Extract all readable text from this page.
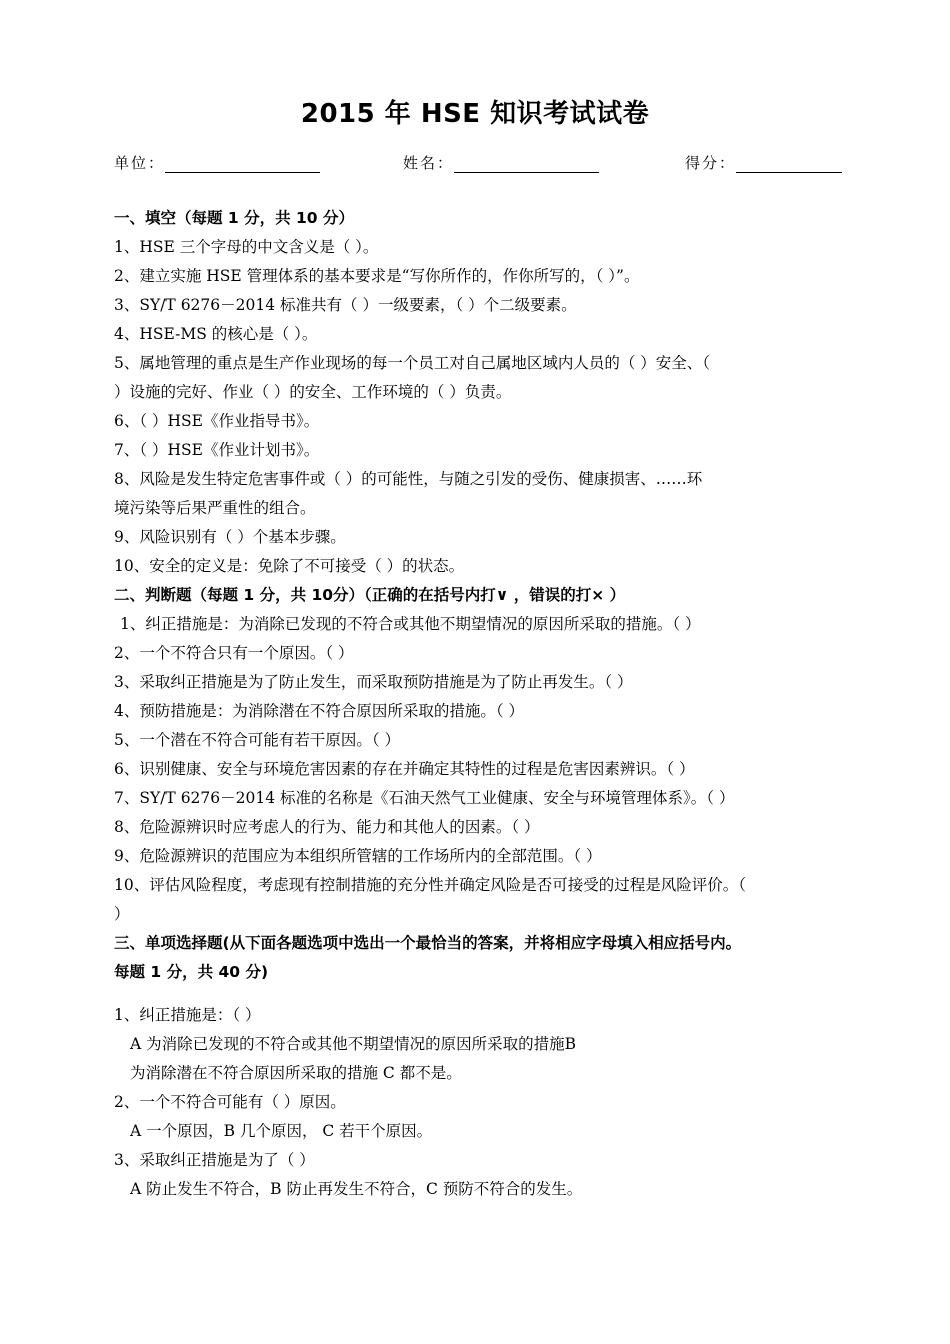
2015 年 HSE 知识考试试卷
单位：	姓名：	得分：
一、填空（每题 1 分，共 10 分）
1、HSE 三个字母的中文含义是（ ）。
2、建立实施 HSE 管理体系的基本要求是“写你所作的，作你所写的，（ ）”。
3、SY/T 6276－2014 标准共有（ ）一级要素，（ ）个二级要素。
4、HSE-MS 的核心是（ ）。
5、属地管理的重点是生产作业现场的每一个员工对自己属地区域内人员的（ ）安全、（
）设施的完好、作业（ ）的安全、工作环境的（ ）负责。
6、（ ）HSE《作业指导书》。
7、（ ）HSE《作业计划书》。
8、风险是发生特定危害事件或（ ）的可能性，与随之引发的受伤、健康损害、……环
境污染等后果严重性的组合。
9、风险识别有（ ）个基本步骤。
10、安全的定义是：免除了不可接受（ ）的状态。
二、判断题（每题 1 分，共 10分）（正确的在括号内打∨ ，错误的打× ）
1、纠正措施是：为消除已发现的不符合或其他不期望情况的原因所采取的措施。（ ）
2、一个不符合只有一个原因。（ ）
3、采取纠正措施是为了防止发生，而采取预防措施是为了防止再发生。（ ）
4、预防措施是：为消除潜在不符合原因所采取的措施。（ ）
5、一个潜在不符合可能有若干原因。（ ）
6、识别健康、安全与环境危害因素的存在并确定其特性的过程是危害因素辨识。（ ）
7、SY/T 6276－2014 标准的名称是《石油天然气工业健康、安全与环境管理体系》。（ ）
8、危险源辨识时应考虑人的行为、能力和其他人的因素。（ ）
9、危险源辨识的范围应为本组织所管辖的工作场所内的全部范围。（ ）
10、评估风险程度，考虑现有控制措施的充分性并确定风险是否可接受的过程是风险评价。（
）
三、单项选择题(从下面各题选项中选出一个最恰当的答案，并将相应字母填入相应括号内。
每题 1 分，共 40 分)
1、纠正措施是：（ ）
A 为消除已发现的不符合或其他不期望情况的原因所采取的措施B
为消除潜在不符合原因所采取的措施 C 都不是。
2、一个不符合可能有（ ）原因。
A 一个原因，B 几个原因， C 若干个原因。
3、采取纠正措施是为了（ ）
A 防止发生不符合，B 防止再发生不符合，C 预防不符合的发生。
